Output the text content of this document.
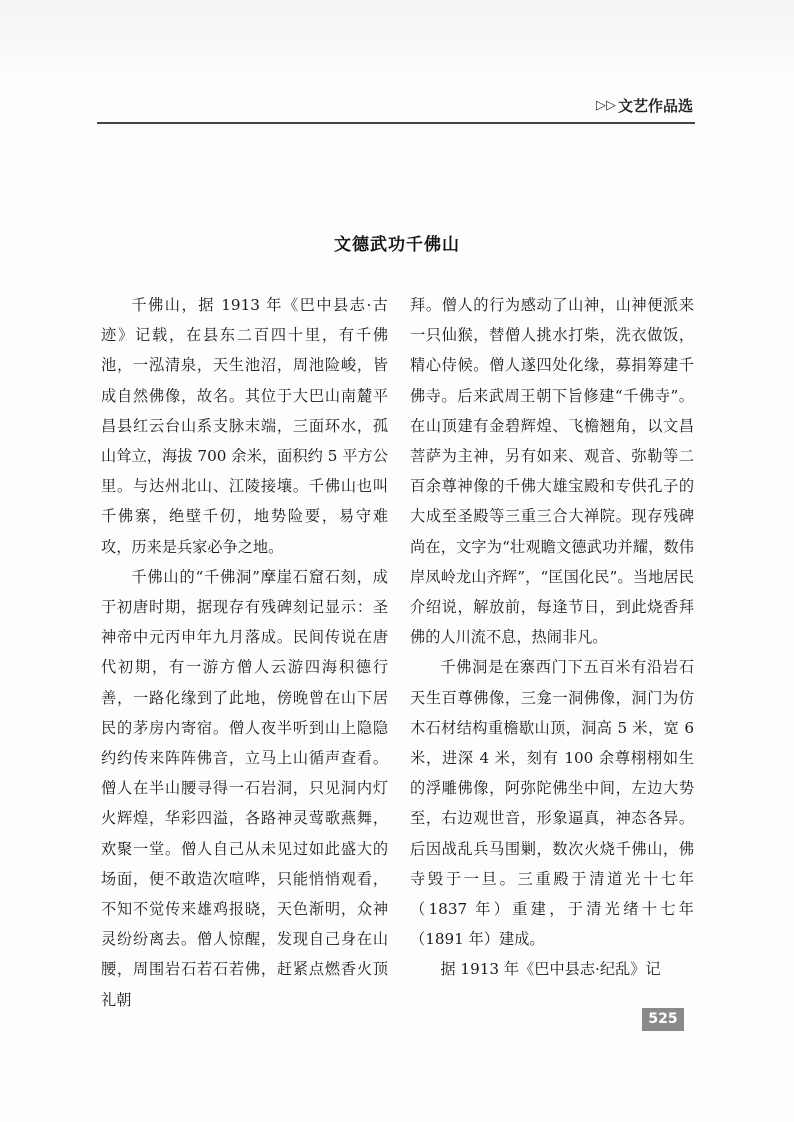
▷▷ 文艺作品选
文德武功千佛山

千佛山，据 1913 年《巴中县志·古迹》记载，在县东二百四十里，有千佛池，一泓清泉，天生池沼，周池险峻，皆成自然佛像，故名。其位于大巴山南麓平昌县红云台山系支脉末端，三面环水，孤山耸立，海拔 700 余米，面积约 5 平方公里。与达州北山、江陵接壤。千佛山也叫千佛寨，绝壁千仞，地势险要，易守难攻，历来是兵家必争之地。

千佛山的“千佛洞”摩崖石窟石刻，成于初唐时期，据现存有残碑刻记显示：圣神帝中元丙申年九月落成。民间传说在唐代初期，有一游方僧人云游四海积德行善，一路化缘到了此地，傍晚曾在山下居民的茅房内寄宿。僧人夜半听到山上隐隐约约传来阵阵佛音，立马上山循声查看。僧人在半山腰寻得一石岩洞，只见洞内灯火辉煌，华彩四溢，各路神灵莺歌燕舞，欢聚一堂。僧人自己从未见过如此盛大的场面，便不敢造次喧哗，只能悄悄观看，不知不觉传来雄鸡报晓，天色渐明，众神灵纷纷离去。僧人惊醒，发现自己身在山腰，周围岩石若石若佛，赶紧点燃香火顶礼朝

拜。僧人的行为感动了山神，山神便派来一只仙猴，替僧人挑水打柴，洗衣做饭，精心侍候。僧人遂四处化缘，募捐筹建千佛寺。后来武周王朝下旨修建“千佛寺”。在山顶建有金碧辉煌、飞檐翘角，以文昌菩萨为主神，另有如来、观音、弥勒等二百余尊神像的千佛大雄宝殿和专供孔子的大成至圣殿等三重三合大禅院。现存残碑尚在，文字为“壮观瞻文德武功并耀，数伟岸凤岭龙山齐辉”，“匡国化民”。当地居民介绍说，解放前，每逢节日，到此烧香拜佛的人川流不息，热闹非凡。

千佛洞是在寨西门下五百米有沿岩石天生百尊佛像，三龛一洞佛像，洞门为仿木石材结构重檐歇山顶，洞高 5 米，宽 6 米，进深 4 米，刻有 100 余尊栩栩如生的浮雕佛像，阿弥陀佛坐中间，左边大势至，右边观世音，形象逼真，神态各异。后因战乱兵马围剿，数次火烧千佛山，佛寺毁于一旦。三重殿于清道光十七年（1837 年）重建，于清光绪十七年（1891 年）建成。

据 1913 年《巴中县志·纪乱》记

525
